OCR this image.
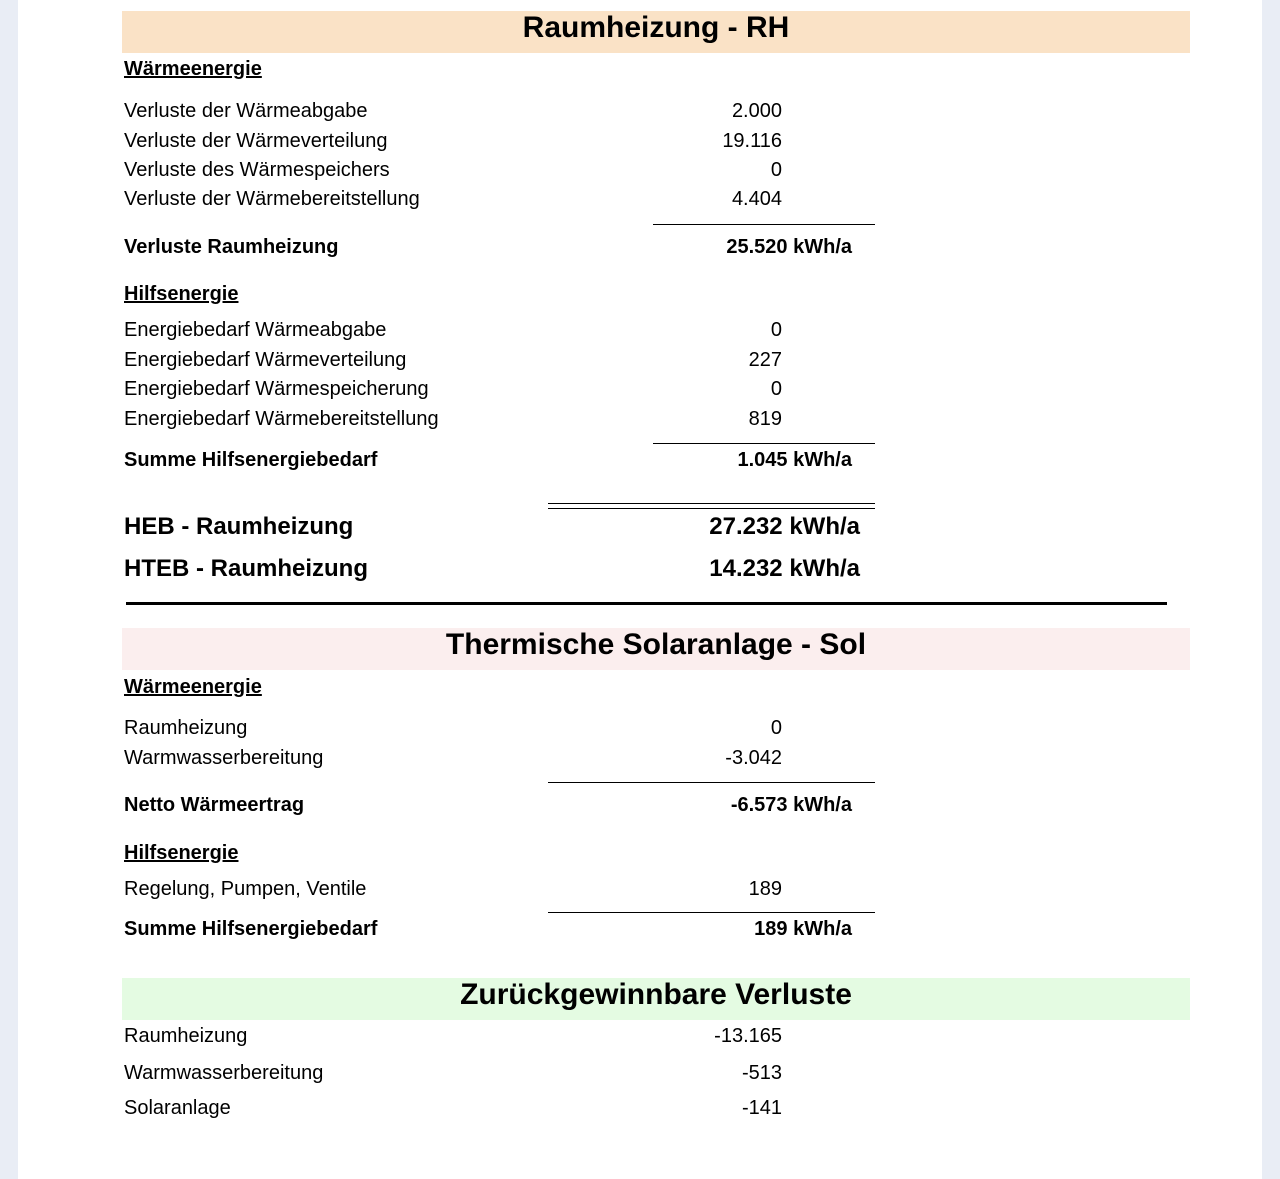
Raumheizung - RH
Wärmeenergie
Verluste der Wärmeabgabe	2.000
Verluste der Wärmeverteilung	19.116
Verluste des Wärmespeichers	0
Verluste der Wärmebereitstellung	4.404
Verluste Raumheizung	25.520 kWh/a
Hilfsenergie
Energiebedarf Wärmeabgabe	0
Energiebedarf Wärmeverteilung	227
Energiebedarf Wärmespeicherung	0
Energiebedarf Wärmebereitstellung	819
Summe Hilfsenergiebedarf	1.045 kWh/a
HEB - Raumheizung	27.232 kWh/a
HTEB - Raumheizung	14.232 kWh/a
Thermische Solaranlage - Sol
Wärmeenergie
Raumheizung	0
Warmwasserbereitung	-3.042
Netto Wärmeertrag	-6.573 kWh/a
Hilfsenergie
Regelung, Pumpen, Ventile	189
Summe Hilfsenergiebedarf	189 kWh/a
Zurückgewinnbare Verluste
Raumheizung	-13.165
Warmwasserbereitung	-513
Solaranlage	-141
